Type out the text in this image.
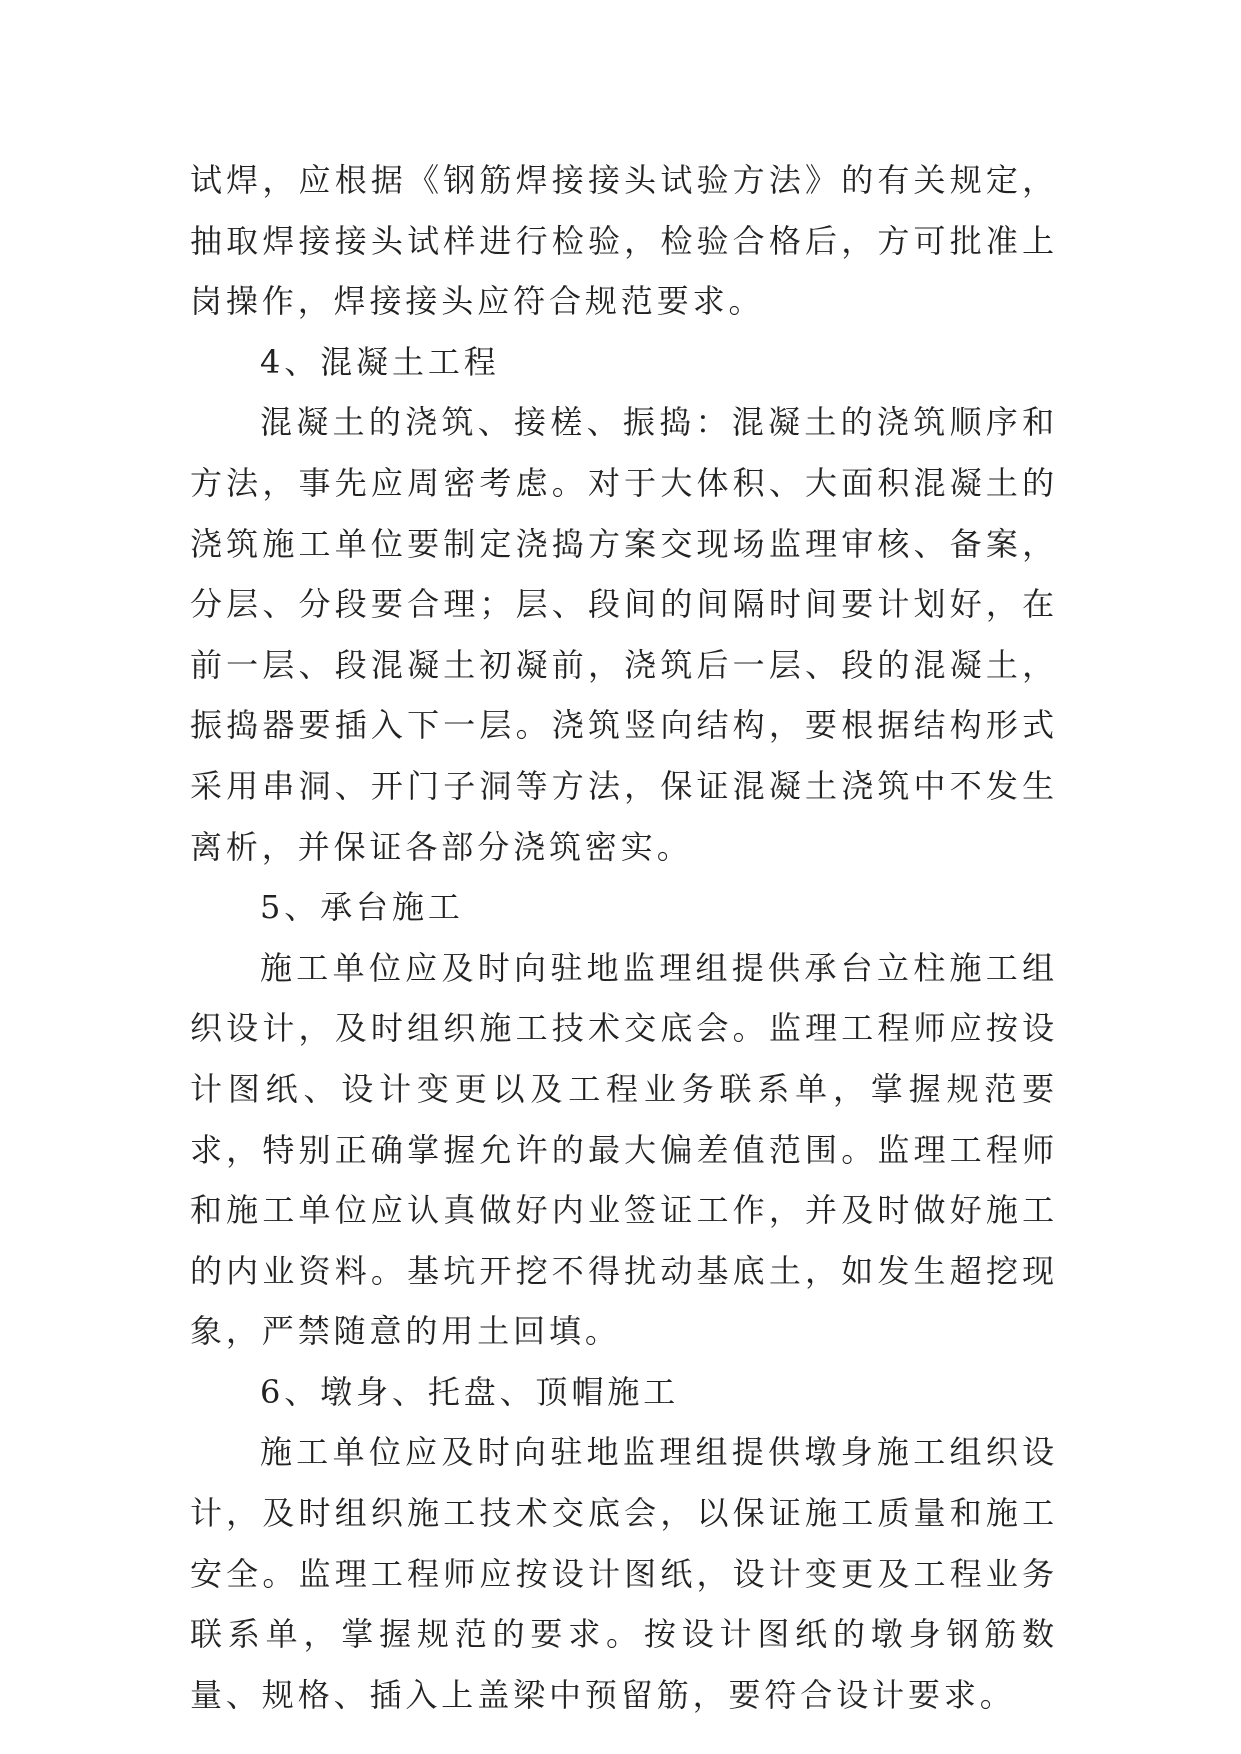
试焊，应根据《钢筋焊接接头试验方法》的有关规定，抽取焊接接头试样进行检验，检验合格后，方可批准上岗操作，焊接接头应符合规范要求。

4、混凝土工程

混凝土的浇筑、接槎、振捣：混凝土的浇筑顺序和方法，事先应周密考虑。对于大体积、大面积混凝土的浇筑施工单位要制定浇捣方案交现场监理审核、备案，分层、分段要合理；层、段间的间隔时间要计划好，在前一层、段混凝土初凝前，浇筑后一层、段的混凝土，振捣器要插入下一层。浇筑竖向结构，要根据结构形式采用串洞、开门子洞等方法，保证混凝土浇筑中不发生离析，并保证各部分浇筑密实。

5、承台施工

施工单位应及时向驻地监理组提供承台立柱施工组织设计，及时组织施工技术交底会。监理工程师应按设计图纸、设计变更以及工程业务联系单，掌握规范要求，特别正确掌握允许的最大偏差值范围。监理工程师和施工单位应认真做好内业签证工作，并及时做好施工的内业资料。基坑开挖不得扰动基底土，如发生超挖现象，严禁随意的用土回填。

6、墩身、托盘、顶帽施工

施工单位应及时向驻地监理组提供墩身施工组织设计，及时组织施工技术交底会，以保证施工质量和施工安全。监理工程师应按设计图纸，设计变更及工程业务联系单，掌握规范的要求。按设计图纸的墩身钢筋数量、规格、插入上盖梁中预留筋，要符合设计要求。
